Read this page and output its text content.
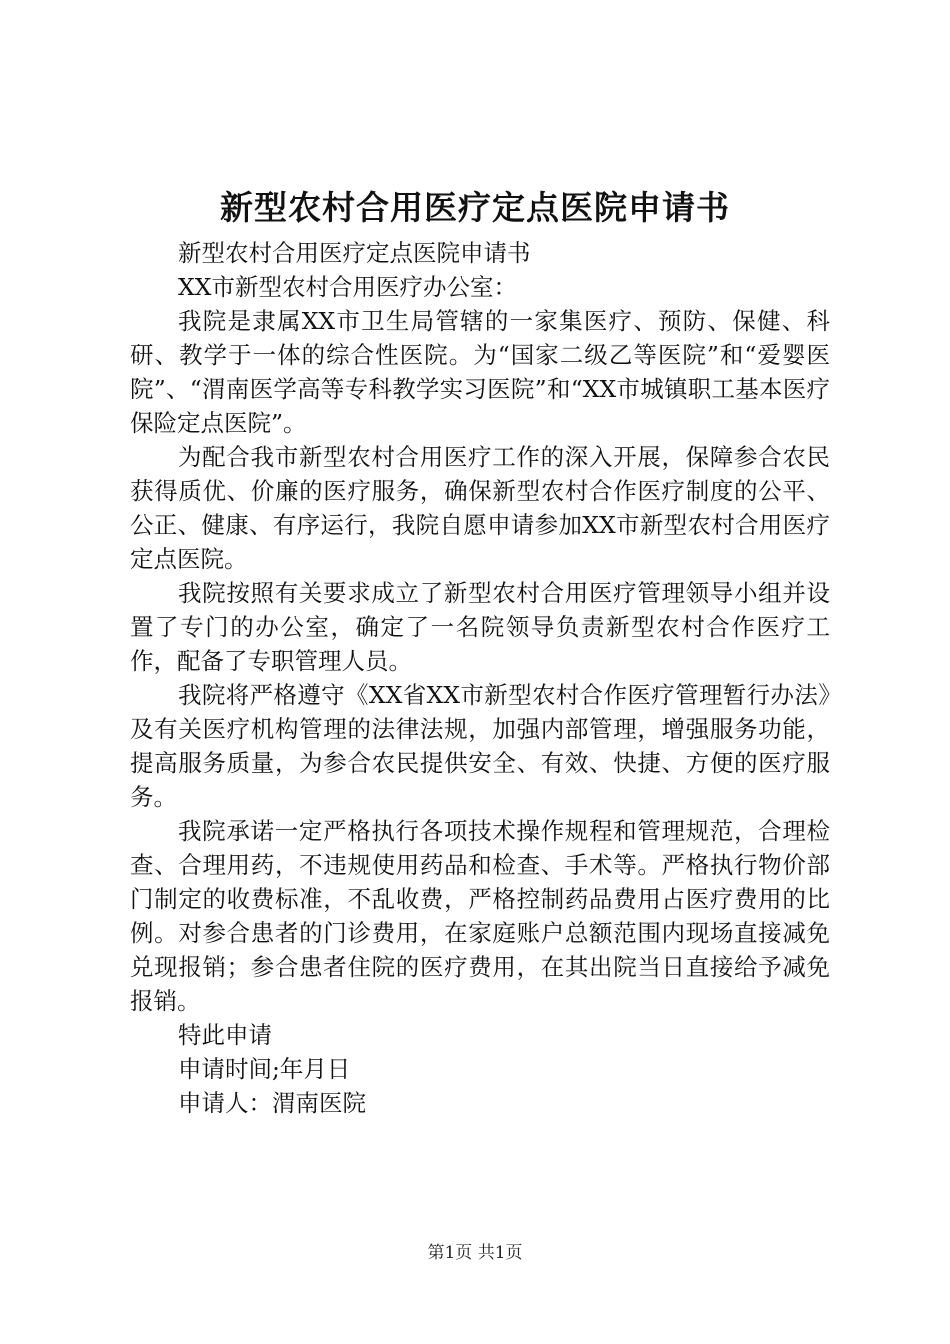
新型农村合用医疗定点医院申请书

新型农村合用医疗定点医院申请书

XX市新型农村合用医疗办公室：

我院是隶属XX市卫生局管辖的一家集医疗、预防、保健、科研、教学于一体的综合性医院。为“国家二级乙等医院”和“爱婴医院”、“渭南医学高等专科教学实习医院”和“XX市城镇职工基本医疗保险定点医院”。

为配合我市新型农村合用医疗工作的深入开展，保障参合农民获得质优、价廉的医疗服务，确保新型农村合作医疗制度的公平、公正、健康、有序运行，我院自愿申请参加XX市新型农村合用医疗定点医院。

我院按照有关要求成立了新型农村合用医疗管理领导小组并设置了专门的办公室，确定了一名院领导负责新型农村合作医疗工作，配备了专职管理人员。

我院将严格遵守《XX省XX市新型农村合作医疗管理暂行办法》及有关医疗机构管理的法律法规，加强内部管理，增强服务功能，提高服务质量，为参合农民提供安全、有效、快捷、方便的医疗服务。

我院承诺一定严格执行各项技术操作规程和管理规范，合理检查、合理用药，不违规使用药品和检查、手术等。严格执行物价部门制定的收费标准，不乱收费，严格控制药品费用占医疗费用的比例。对参合患者的门诊费用，在家庭账户总额范围内现场直接减免兑现报销；参合患者住院的医疗费用，在其出院当日直接给予减免报销。

特此申请

申请时间;年月日

申请人：渭南医院

第1页 共1页
